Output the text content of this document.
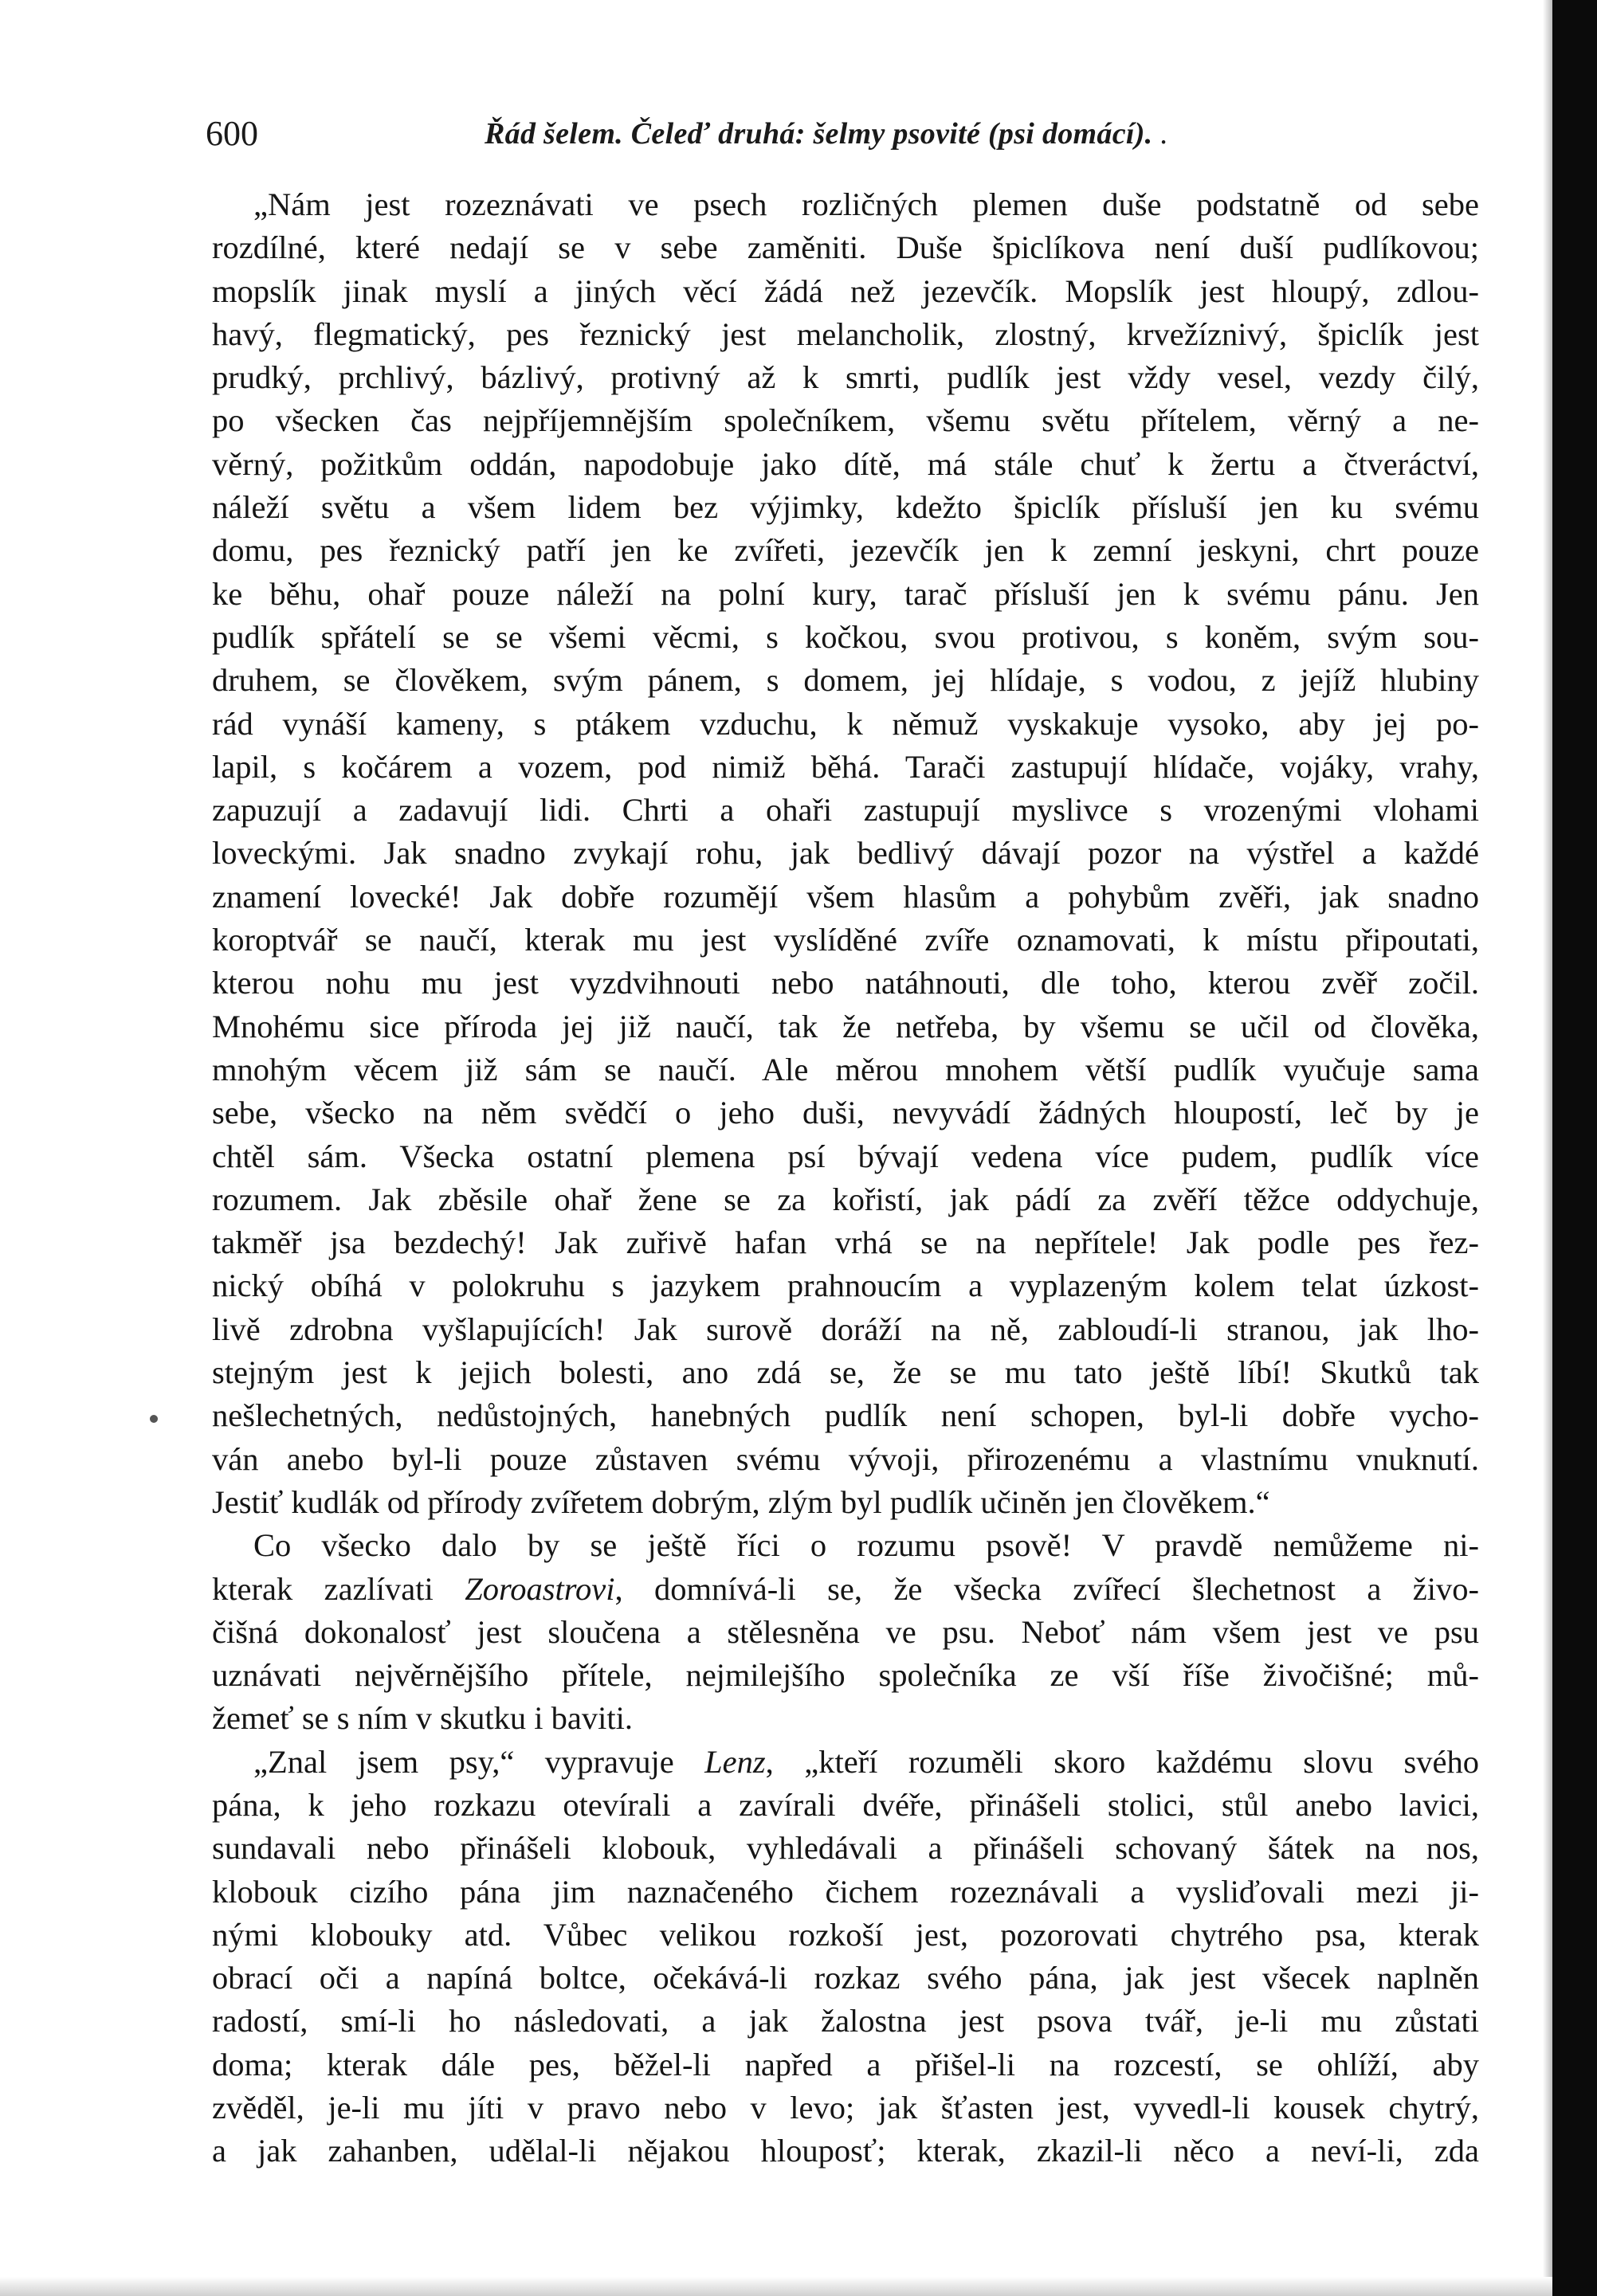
600	Řád šelem. Čeleď druhá: šelmy psovité (psi domácí). .
„Nám jest rozeznávati ve psech rozličných plemen duše podstatně od sebe
rozdílné, které nedají se v sebe zaměniti. Duše špiclíkova není duší pudlíkovou;
mopslík jinak myslí a jiných věcí žádá než jezevčík. Mopslík jest hloupý, zdlou-
havý, flegmatický, pes řeznický jest melancholik, zlostný, krvežíznivý, špiclík jest
prudký, prchlivý, bázlivý, protivný až k smrti, pudlík jest vždy vesel, vezdy čilý,
po všecken čas nejpříjemnějším společníkem, všemu světu přítelem, věrný a ne-
věrný, požitkům oddán, napodobuje jako dítě, má stále chuť k žertu a čtveráctví,
náleží světu a všem lidem bez výjimky, kdežto špiclík přísluší jen ku svému
domu, pes řeznický patří jen ke zvířeti, jezevčík jen k zemní jeskyni, chrt pouze
ke běhu, ohař pouze náleží na polní kury, tarač přísluší jen k svému pánu. Jen
pudlík spřátelí se se všemi věcmi, s kočkou, svou protivou, s koněm, svým sou-
druhem, se člověkem, svým pánem, s domem, jej hlídaje, s vodou, z jejíž hlubiny
rád vynáší kameny, s ptákem vzduchu, k němuž vyskakuje vysoko, aby jej po-
lapil, s kočárem a vozem, pod nimiž běhá. Tarači zastupují hlídače, vojáky, vrahy,
zapuzují a zadavují lidi. Chrti a ohaři zastupují myslivce s vrozenými vlohami
loveckými. Jak snadno zvykají rohu, jak bedlivý dávají pozor na výstřel a každé
znamení lovecké! Jak dobře rozumějí všem hlasům a pohybům zvěři, jak snadno
koroptvář se naučí, kterak mu jest vyslíděné zvíře oznamovati, k místu připoutati,
kterou nohu mu jest vyzdvihnouti nebo natáhnouti, dle toho, kterou zvěř zočil.
Mnohému sice příroda jej již naučí, tak že netřeba, by všemu se učil od člověka,
mnohým věcem již sám se naučí. Ale měrou mnohem větší pudlík vyučuje sama
sebe, všecko na něm svědčí o jeho duši, nevyvádí žádných hloupostí, leč by je
chtěl sám. Všecka ostatní plemena psí bývají vedena více pudem, pudlík více
rozumem. Jak zběsile ohař žene se za kořistí, jak pádí za zvěří těžce oddychuje,
takměř jsa bezdechý! Jak zuřivě hafan vrhá se na nepřítele! Jak podle pes řez-
nický obíhá v polokruhu s jazykem prahnoucím a vyplazeným kolem telat úzkost-
livě zdrobna vyšlapujících! Jak surově doráží na ně, zabloudí-li stranou, jak lho-
stejným jest k jejich bolesti, ano zdá se, že se mu tato ještě líbí! Skutků tak
nešlechetných, nedůstojných, hanebných pudlík není schopen, byl-li dobře vycho-
ván anebo byl-li pouze zůstaven svému vývoji, přirozenému a vlastnímu vnuknutí.
Jestiť kudlák od přírody zvířetem dobrým, zlým byl pudlík učiněn jen člověkem.“
Co všecko dalo by se ještě říci o rozumu psově! V pravdě nemůžeme ni-
kterak zazlívati Zoroastrovi, domnívá-li se, že všecka zvířecí šlechetnost a živo-
čišná dokonalosť jest sloučena a stělesněna ve psu. Neboť nám všem jest ve psu
uznávati nejvěrnějšího přítele, nejmilejšího společníka ze vší říše živočišné; mů-
žemeť se s ním v skutku i baviti.
„Znal jsem psy,“ vypravuje Lenz, „kteří rozuměli skoro každému slovu svého
pána, k jeho rozkazu otevírali a zavírali dvéře, přinášeli stolici, stůl anebo lavici,
sundavali nebo přinášeli klobouk, vyhledávali a přinášeli schovaný šátek na nos,
klobouk cizího pána jim naznačeného čichem rozeznávali a vysliďovali mezi ji-
nými klobouky atd. Vůbec velikou rozkoší jest, pozorovati chytrého psa, kterak
obrací oči a napíná boltce, očekává-li rozkaz svého pána, jak jest všecek naplněn
radostí, smí-li ho následovati, a jak žalostna jest psova tvář, je-li mu zůstati
doma; kterak dále pes, běžel-li napřed a přišel-li na rozcestí, se ohlíží, aby
zvěděl, je-li mu jíti v pravo nebo v levo; jak šťasten jest, vyvedl-li kousek chytrý,
a jak zahanben, udělal-li nějakou hlouposť; kterak, zkazil-li něco a neví-li, zda
